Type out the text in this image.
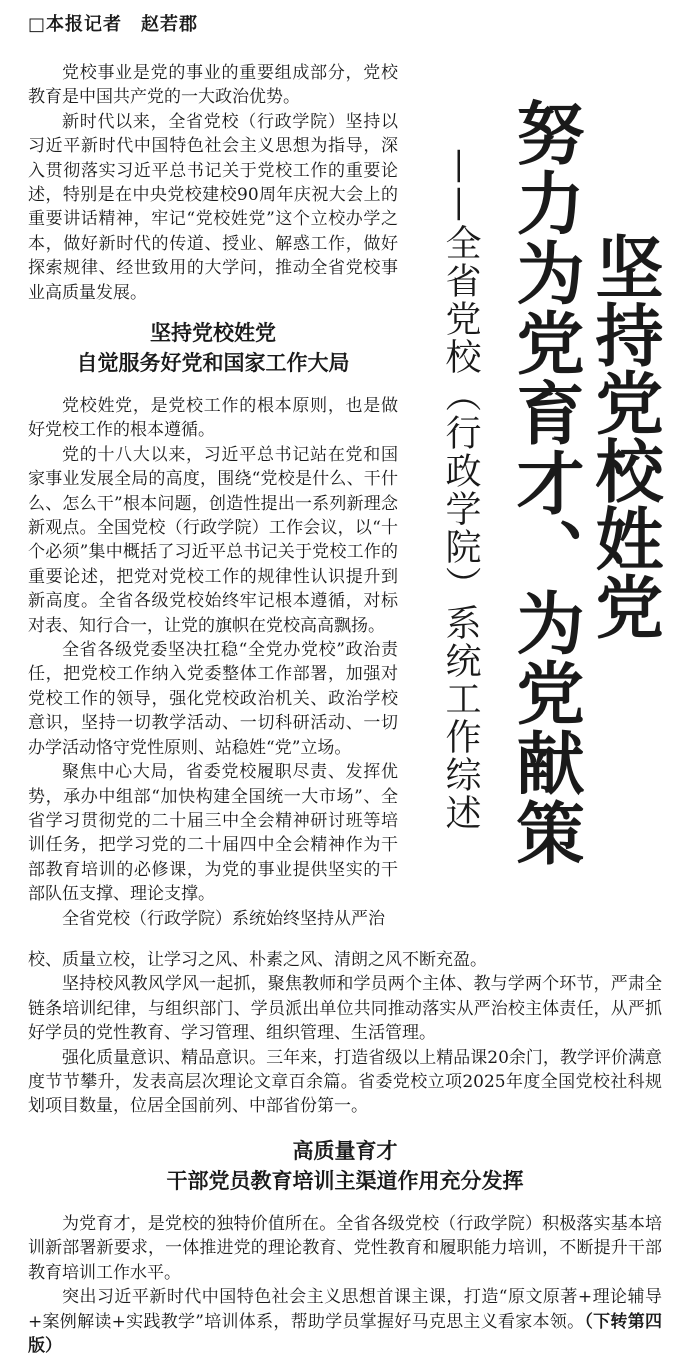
□本报记者　赵若郡
坚持党校姓党
努力为党育才、为党献策
——全省党校（行政学院）系统工作综述

党校事业是党的事业的重要组成部分，党校教育是中国共产党的一大政治优势。

新时代以来，全省党校（行政学院）坚持以习近平新时代中国特色社会主义思想为指导，深入贯彻落实习近平总书记关于党校工作的重要论述，特别是在中央党校建校90周年庆祝大会上的重要讲话精神，牢记“党校姓党”这个立校办学之本，做好新时代的传道、授业、解惑工作，做好探索规律、经世致用的大学问，推动全省党校事业高质量发展。

坚持党校姓党

自觉服务好党和国家工作大局

党校姓党，是党校工作的根本原则，也是做好党校工作的根本遵循。

党的十八大以来，习近平总书记站在党和国家事业发展全局的高度，围绕“党校是什么、干什么、怎么干”根本问题，创造性提出一系列新理念新观点。全国党校（行政学院）工作会议，以“十个必须”集中概括了习近平总书记关于党校工作的重要论述，把党对党校工作的规律性认识提升到新高度。全省各级党校始终牢记根本遵循，对标对表、知行合一，让党的旗帜在党校高高飘扬。

全省各级党委坚决扛稳“全党办党校”政治责任，把党校工作纳入党委整体工作部署，加强对党校工作的领导，强化党校政治机关、政治学校意识，坚持一切教学活动、一切科研活动、一切办学活动恪守党性原则、站稳姓“党”立场。

聚焦中心大局，省委党校履职尽责、发挥优势，承办中组部“加快构建全国统一大市场”、全省学习贯彻党的二十届三中全会精神研讨班等培训任务，把学习党的二十届四中全会精神作为干部教育培训的必修课，为党的事业提供坚实的干部队伍支撑、理论支撑。

全省党校（行政学院）系统始终坚持从严治

校、质量立校，让学习之风、朴素之风、清朗之风不断充盈。

坚持校风教风学风一起抓，聚焦教师和学员两个主体、教与学两个环节，严肃全链条培训纪律，与组织部门、学员派出单位共同推动落实从严治校主体责任，从严抓好学员的党性教育、学习管理、组织管理、生活管理。

强化质量意识、精品意识。三年来，打造省级以上精品课20余门，教学评价满意度节节攀升，发表高层次理论文章百余篇。省委党校立项2025年度全国党校社科规划项目数量，位居全国前列、中部省份第一。

高质量育才

干部党员教育培训主渠道作用充分发挥

为党育才，是党校的独特价值所在。全省各级党校（行政学院）积极落实基本培训新部署新要求，一体推进党的理论教育、党性教育和履职能力培训，不断提升干部教育培训工作水平。

突出习近平新时代中国特色社会主义思想首课主课，打造“原文原著+理论辅导+案例解读+实践教学”培训体系，帮助学员掌握好马克思主义看家本领。（下转第四版）
